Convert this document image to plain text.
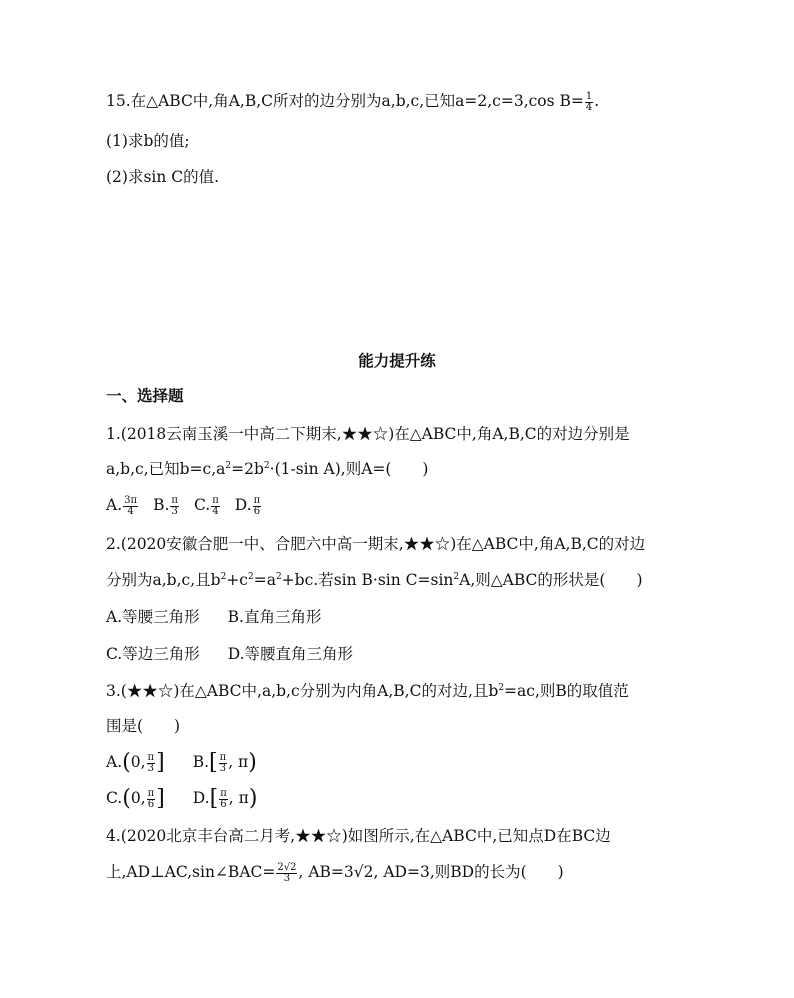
15.在△ABC中,角A,B,C所对的边分别为a,b,c,已知a=2,c=3,cos $B= \frac{1}{4}$ .
(1)求b的值;
(2)求sin C的值.
能力提升练
一、选择题
1.(2018云南玉溪一中高二下期末,★★☆)在△ABC中,角A,B,C的对边分别是
a,b,c,已知$b=c,a^2=2b^2\cdot(1-\sin$ A),则A=(　　)
A. $\frac{3\pi}{4} B$. $\frac{\pi}{3} C$. $\frac{\pi}{4} D$. $\frac{\pi}{6}$
2.(2020安徽合肥一中、合肥六中高一期末,★★☆)在△ABC中,角A,B,C的对边
分别为a,b,c,且$b^2+c^2=a^2+bc$.若sin B·sin $C=\sin^2A$,则△ABC的形状是(　　)
A.等腰三角形 B.直角三角形
C.等边三角形 D.等腰直角三角形
3.(★★☆)在△ABC中,a,b,c分别为内角A,B,C的对边,且$b^2=ac$,则B的取值范
围是(　　)
A.(0, $\frac{\pi}{3}$ ] $B.[ \frac{\pi}{3}$ , π)
C.(0, $\frac{\pi}{6}$ ] $D.[ \frac{\pi}{6}$ , π)
4.(2020北京丰台高二月考,★★☆)如图所示,在△ABC中,已知点D在BC边
上,AD⊥AC,sin∠BAC= $\frac{2√2}{3}$ , AB=3√2, AD=3,则BD的长为(　　)
